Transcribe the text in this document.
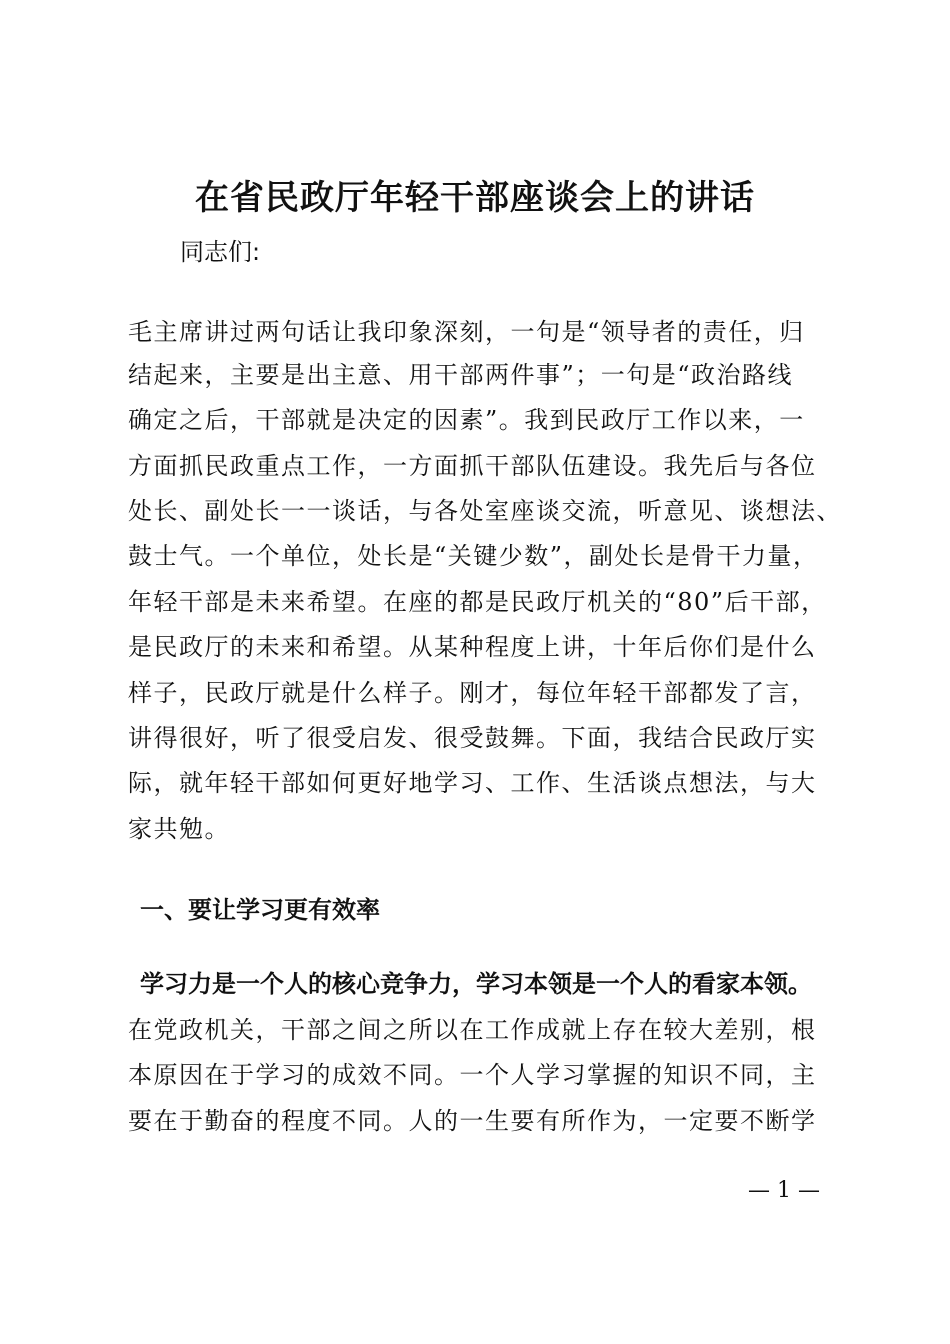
在省民政厅年轻干部座谈会上的讲话
同志们:
毛主席讲过两句话让我印象深刻，一句是“领导者的责任，归
结起来，主要是出主意、用干部两件事”；一句是“政治路线
确定之后，干部就是决定的因素”。我到民政厅工作以来，一
方面抓民政重点工作，一方面抓干部队伍建设。我先后与各位
处长、副处长一一谈话，与各处室座谈交流，听意见、谈想法、
鼓士气。一个单位，处长是“关键少数”，副处长是骨干力量，
年轻干部是未来希望。在座的都是民政厅机关的“80”后干部，
是民政厅的未来和希望。从某种程度上讲，十年后你们是什么
样子，民政厅就是什么样子。刚才，每位年轻干部都发了言，
讲得很好，听了很受启发、很受鼓舞。下面，我结合民政厅实
际，就年轻干部如何更好地学习、工作、生活谈点想法，与大
家共勉。
一、要让学习更有效率
学习力是一个人的核心竞争力，学习本领是一个人的看家本领。
在党政机关，干部之间之所以在工作成就上存在较大差别，根
本原因在于学习的成效不同。一个人学习掌握的知识不同，主
要在于勤奋的程度不同。人的一生要有所作为，一定要不断学
— 1 —
